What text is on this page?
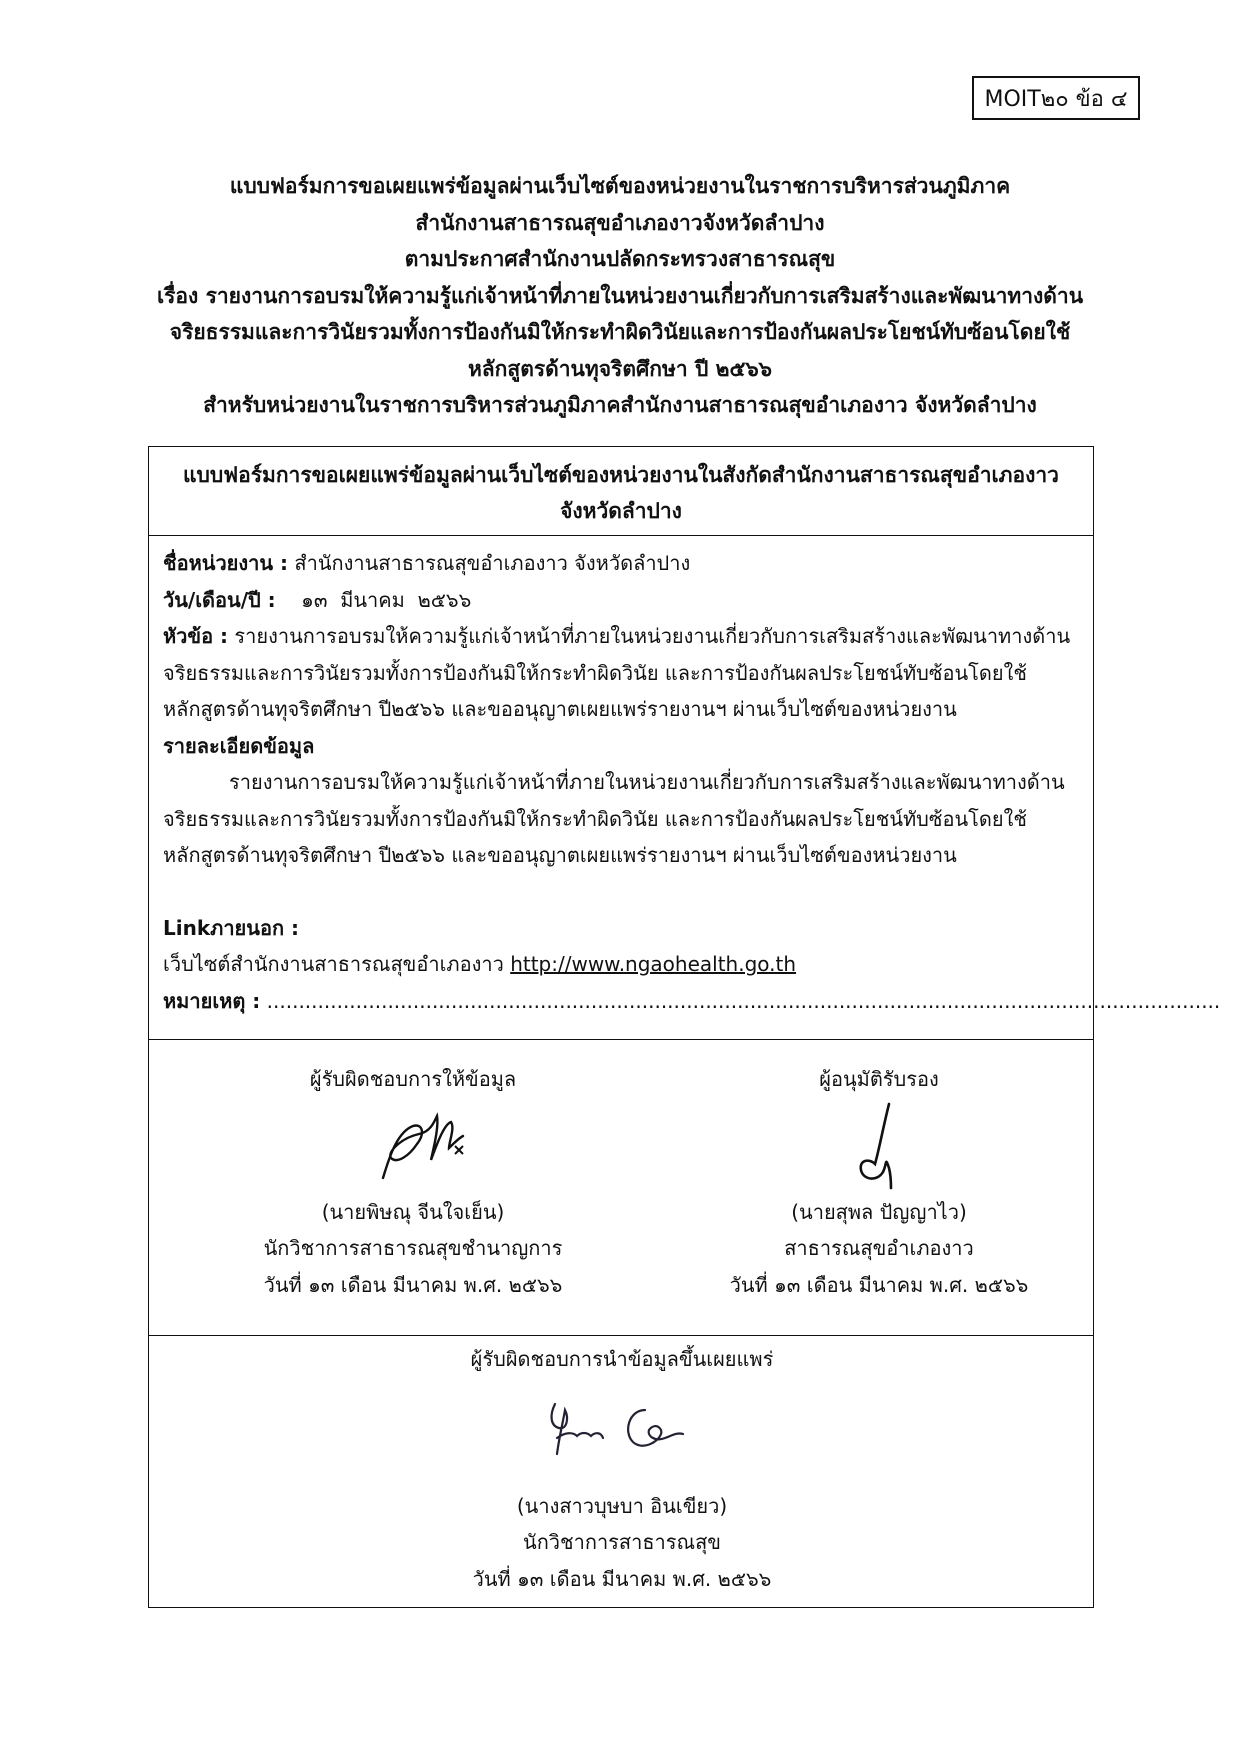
MOIT๒๐ ข้อ ๔
แบบฟอร์มการขอเผยแพร่ข้อมูลผ่านเว็บไซต์ของหน่วยงานในราชการบริหารส่วนภูมิภาค
สำนักงานสาธารณสุขอำเภองาวจังหวัดลำปาง
ตามประกาศสำนักงานปลัดกระทรวงสาธารณสุข
เรื่อง รายงานการอบรมให้ความรู้แก่เจ้าหน้าที่ภายในหน่วยงานเกี่ยวกับการเสริมสร้างและพัฒนาทางด้าน
จริยธรรมและการวินัยรวมทั้งการป้องกันมิให้กระทำผิดวินัยและการป้องกันผลประโยชน์ทับซ้อนโดยใช้
หลักสูตรด้านทุจริตศึกษา ปี ๒๕๖๖
สำหรับหน่วยงานในราชการบริหารส่วนภูมิภาคสำนักงานสาธารณสุขอำเภองาว จังหวัดลำปาง
แบบฟอร์มการขอเผยแพร่ข้อมูลผ่านเว็บไซต์ของหน่วยงานในสังกัดสำนักงานสาธารณสุขอำเภองาว
จังหวัดลำปาง
ชื่อหน่วยงาน : สำนักงานสาธารณสุขอำเภองาว จังหวัดลำปาง
วัน/เดือน/ปี :    ๑๓  มีนาคม  ๒๕๖๖
หัวข้อ : รายงานการอบรมให้ความรู้แก่เจ้าหน้าที่ภายในหน่วยงานเกี่ยวกับการเสริมสร้างและพัฒนาทางด้าน
จริยธรรมและการวินัยรวมทั้งการป้องกันมิให้กระทำผิดวินัย และการป้องกันผลประโยชน์ทับซ้อนโดยใช้
หลักสูตรด้านทุจริตศึกษา ปี๒๕๖๖ และขออนุญาตเผยแพร่รายงานฯ ผ่านเว็บไซต์ของหน่วยงาน
รายละเอียดข้อมูล
รายงานการอบรมให้ความรู้แก่เจ้าหน้าที่ภายในหน่วยงานเกี่ยวกับการเสริมสร้างและพัฒนาทางด้าน
จริยธรรมและการวินัยรวมทั้งการป้องกันมิให้กระทำผิดวินัย และการป้องกันผลประโยชน์ทับซ้อนโดยใช้
หลักสูตรด้านทุจริตศึกษา ปี๒๕๖๖ และขออนุญาตเผยแพร่รายงานฯ ผ่านเว็บไซต์ของหน่วยงาน
Linkภายนอก :
เว็บไซต์สำนักงานสาธารณสุขอำเภองาว http://www.ngaohealth.go.th
หมายเหตุ : ......................................................................................................................................................
ผู้รับผิดชอบการให้ข้อมูล
(นายพิษณุ จีนใจเย็น)
นักวิชาการสาธารณสุขชำนาญการ
วันที่ ๑๓ เดือน มีนาคม พ.ศ. ๒๕๖๖
ผู้อนุมัติรับรอง
(นายสุพล ปัญญาไว)
สาธารณสุขอำเภองาว
วันที่ ๑๓ เดือน มีนาคม พ.ศ. ๒๕๖๖
ผู้รับผิดชอบการนำข้อมูลขึ้นเผยแพร่
(นางสาวบุษบา อินเขียว)
นักวิชาการสาธารณสุข
วันที่ ๑๓ เดือน มีนาคม พ.ศ. ๒๕๖๖
